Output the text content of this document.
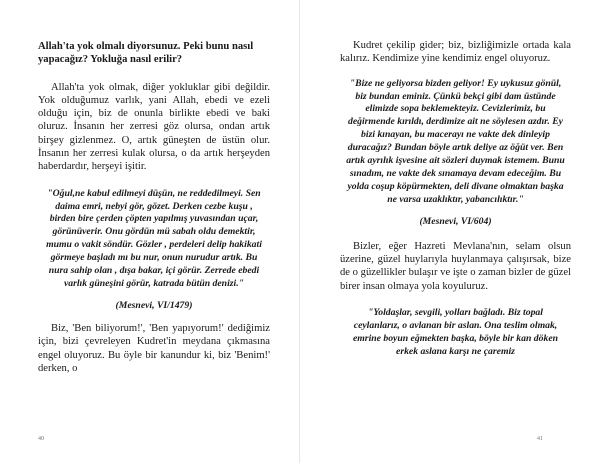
Allah'ta yok olmalı diyorsunuz. Peki bunu nasıl yapacağız? Yokluğa nasıl erilir?

Allah'ta yok olmak, diğer yokluklar gibi değildir. Yok olduğumuz varlık, yani Allah, ebedi ve ezeli olduğu için, biz de onunla birlikte ebedi ve baki oluruz. İnsanın her zerresi göz olursa, ondan artık birşey gizlenmez. O, artık güneşten de üstün olur. İnsanın her zerresi kulak olursa, o da artık herşeyden haberdardır, herşeyi işitir.

"Oğul,ne kabul edilmeyi düşün, ne reddedilmeyi. Sen daima emri, nebyi gör, gözet. Derken cezbe kuşu , birden bire çerden çöpten yapılmış yuvasından uçar, görünüverir. Onu gördün mü sabah oldu demektir, mumu o vakit söndür. Gözler , perdeleri delip hakikati görmeye başladı mı bu nur, onun nurudur artık. Bu nura sahip olan , dışa bakar, içi görür. Zerrede ebedi varlık güneşini görür, katrada bütün denizi."

(Mesnevi, VI/1479)

Biz, 'Ben biliyorum!', 'Ben yapıyorum!' dediğimiz için, bizi çevreleyen Kudret'in meydana çıkmasına engel oluyoruz. Bu öyle bir kanundur ki, biz 'Benim!' derken, o

40

Kudret çekilip gider; biz, bizliğimizle ortada kala kalırız. Kendimize yine kendimiz engel oluyoruz.

"Bize ne geliyorsa bizden geliyor! Ey uykusuz gönül, biz bundan eminiz. Çünkü bekçi gibi dam üstünde elimizde sopa beklemekteyiz. Cevizlerimiz, bu değirmende kırıldı, derdimize ait ne söylesen azdır. Ey bizi kınayan, bu macerayı ne vakte dek dinleyip duracağız? Bundan böyle artık deliye az öğüt ver. Ben artık ayrılık işvesine ait sözleri duymak istemem. Bunu sınadım, ne vakte dek sınamaya devam edeceğim. Bu yolda coşup köpürmekten, deli divane olmaktan başka ne varsa uzaklıktır, yabancılıktır."

(Mesnevi, VI/604)

Bizler, eğer Hazreti Mevlana'nın, selam olsun üzerine, güzel huylarıyla huylanmaya çalışırsak, bize de o güzellikler bulaşır ve işte o zaman bizler de güzel birer insan olmaya yola koyuluruz.

"Yoldaşlar, sevgili, yolları bağladı. Biz topal ceylanlarız, o avlanan bir aslan. Ona teslim olmak, emrine boyun eğmekten başka, böyle bir kan döken erkek aslana karşı ne çaremiz

41
